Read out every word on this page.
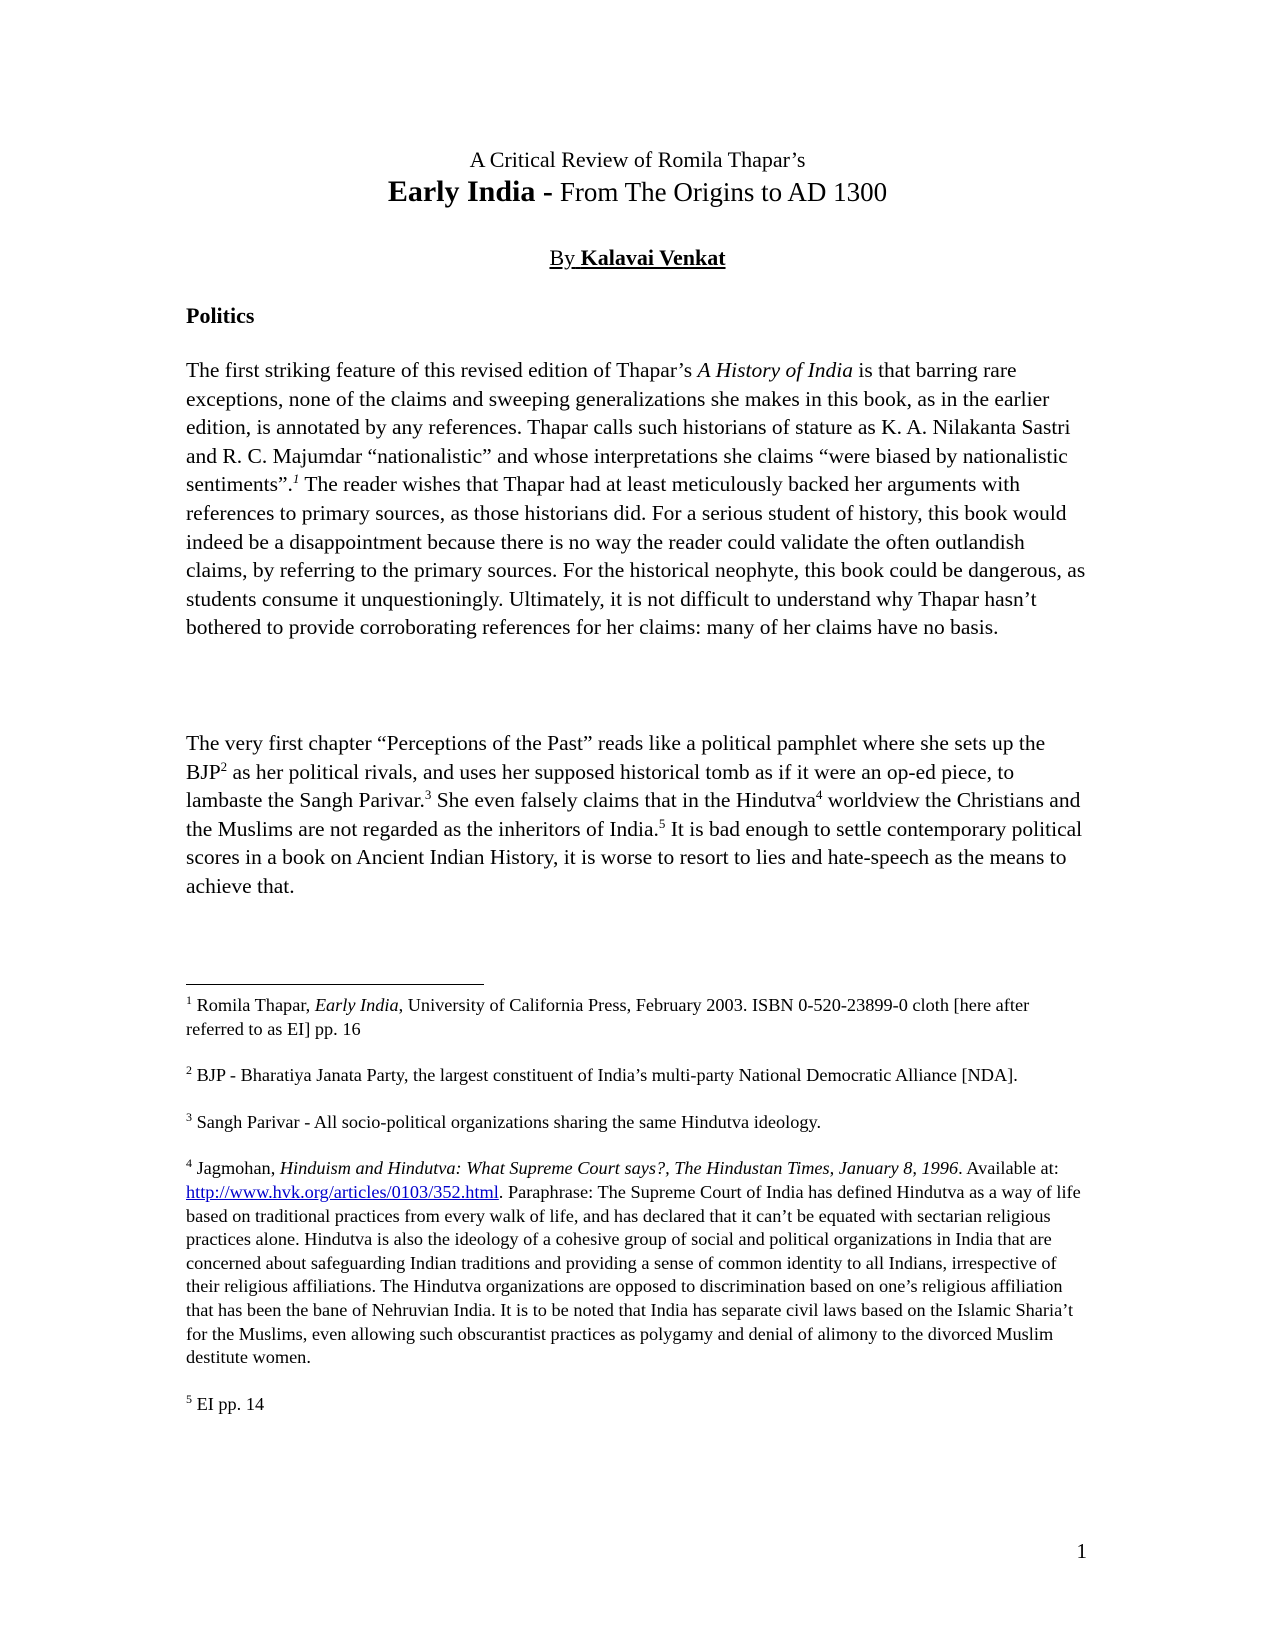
A Critical Review of Romila Thapar’s

Early India - From The Origins to AD 1300

By Kalavai Venkat
Politics

The first striking feature of this revised edition of Thapar’s A History of India is that barring rare exceptions, none of the claims and sweeping generalizations she makes in this book, as in the earlier edition, is annotated by any references. Thapar calls such historians of stature as K. A. Nilakanta Sastri and R. C. Majumdar “nationalistic” and whose interpretations she claims “were biased by nationalistic sentiments”.$^1$ The reader wishes that Thapar had at least meticulously backed her arguments with references to primary sources, as those historians did. For a serious student of history, this book would indeed be a disappointment because there is no way the reader could validate the often outlandish claims, by referring to the primary sources. For the historical neophyte, this book could be dangerous, as students consume it unquestioningly. Ultimately, it is not difficult to understand why Thapar hasn’t bothered to provide corroborating references for her claims: many of her claims have no basis.

The very first chapter “Perceptions of the Past” reads like a political pamphlet where she sets up the BJP$^2$ as her political rivals, and uses her supposed historical tomb as if it were an op-ed piece, to lambaste the Sangh Parivar.$^3$ She even falsely claims that in the Hindutva$^4$ worldview the Christians and the Muslims are not regarded as the inheritors of India.$^5$ It is bad enough to settle contemporary political scores in a book on Ancient Indian History, it is worse to resort to lies and hate-speech as the means to achieve that.

$^1$ Romila Thapar, Early India, University of California Press, February 2003. ISBN 0-520-23899-0 cloth [here after referred to as EI] pp. 16

$^2$ BJP - Bharatiya Janata Party, the largest constituent of India’s multi-party National Democratic Alliance [NDA].

$^3$ Sangh Parivar - All socio-political organizations sharing the same Hindutva ideology.

$^4$ Jagmohan, Hinduism and Hindutva: What Supreme Court says?, The Hindustan Times, January 8, 1996. Available at: http://www.hvk.org/articles/0103/352.html. Paraphrase: The Supreme Court of India has defined Hindutva as a way of life based on traditional practices from every walk of life, and has declared that it can’t be equated with sectarian religious practices alone. Hindutva is also the ideology of a cohesive group of social and political organizations in India that are concerned about safeguarding Indian traditions and providing a sense of common identity to all Indians, irrespective of their religious affiliations. The Hindutva organizations are opposed to discrimination based on one’s religious affiliation that has been the bane of Nehruvian India. It is to be noted that India has separate civil laws based on the Islamic Sharia’t for the Muslims, even allowing such obscurantist practices as polygamy and denial of alimony to the divorced Muslim destitute women.

$^5$ EI pp. 14

1
